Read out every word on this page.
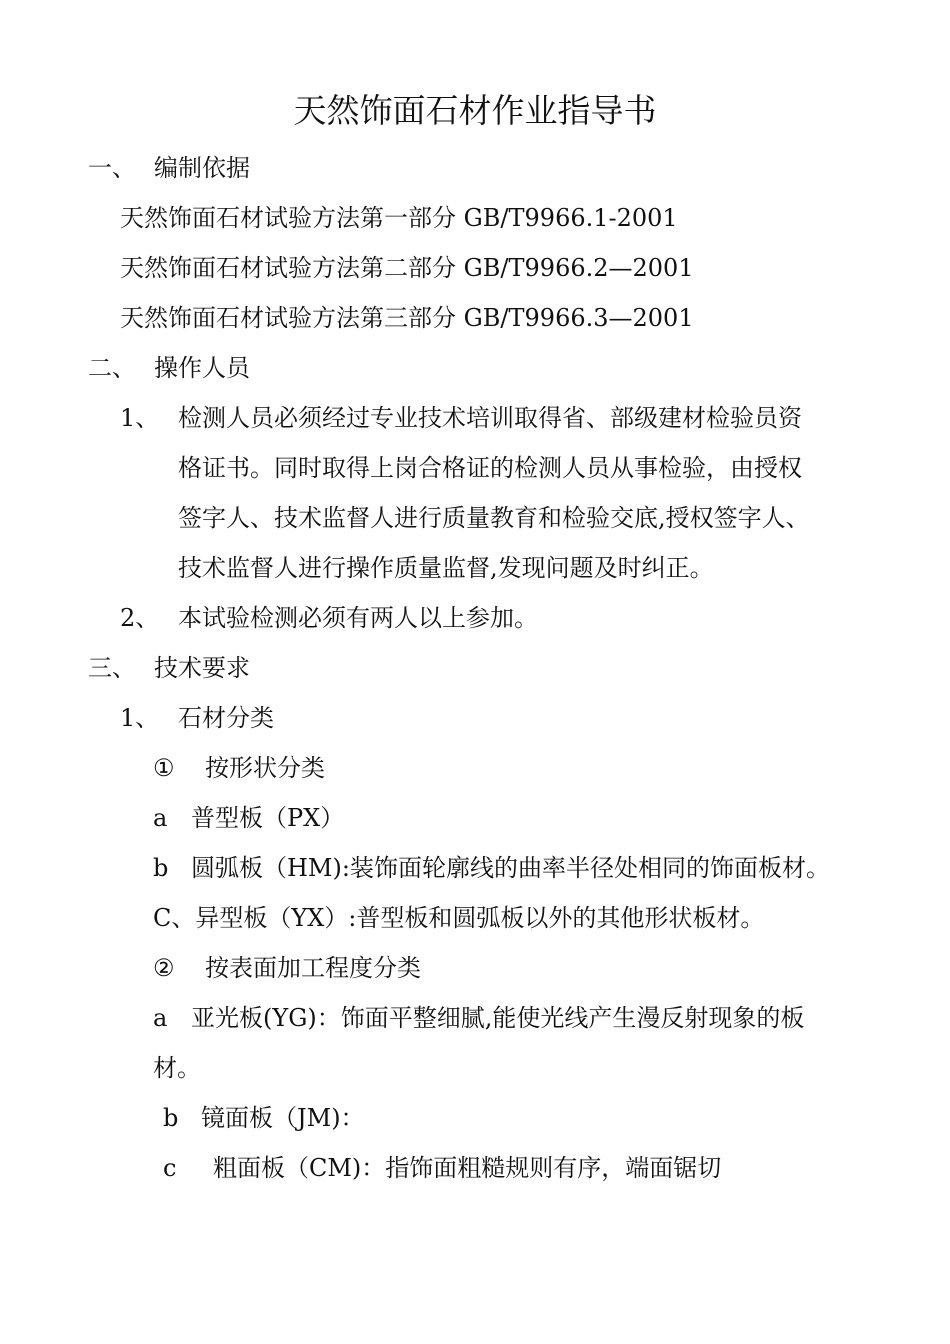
天然饰面石材作业指导书
一、 编制依据
天然饰面石材试验方法第一部分 GB/T9966.1-2001
天然饰面石材试验方法第二部分 GB/T9966.2—2001
天然饰面石材试验方法第三部分 GB/T9966.3—2001
二、 操作人员
1、 检测人员必须经过专业技术培训取得省、部级建材检验员资
格证书。同时取得上岗合格证的检测人员从事检验，由授权
签字人、技术监督人进行质量教育和检验交底,授权签字人、
技术监督人进行操作质量监督,发现问题及时纠正。
2、 本试验检测必须有两人以上参加。
三、 技术要求
1、 石材分类
① 按形状分类
a 普型板（PX）
b 圆弧板（HM):装饰面轮廓线的曲率半径处相同的饰面板材。
C、异型板（YX）:普型板和圆弧板以外的其他形状板材。
② 按表面加工程度分类
a 亚光板(YG)：饰面平整细腻,能使光线产生漫反射现象的板
材。
b 镜面板（JM)：
c 粗面板（CM)：指饰面粗糙规则有序，端面锯切
